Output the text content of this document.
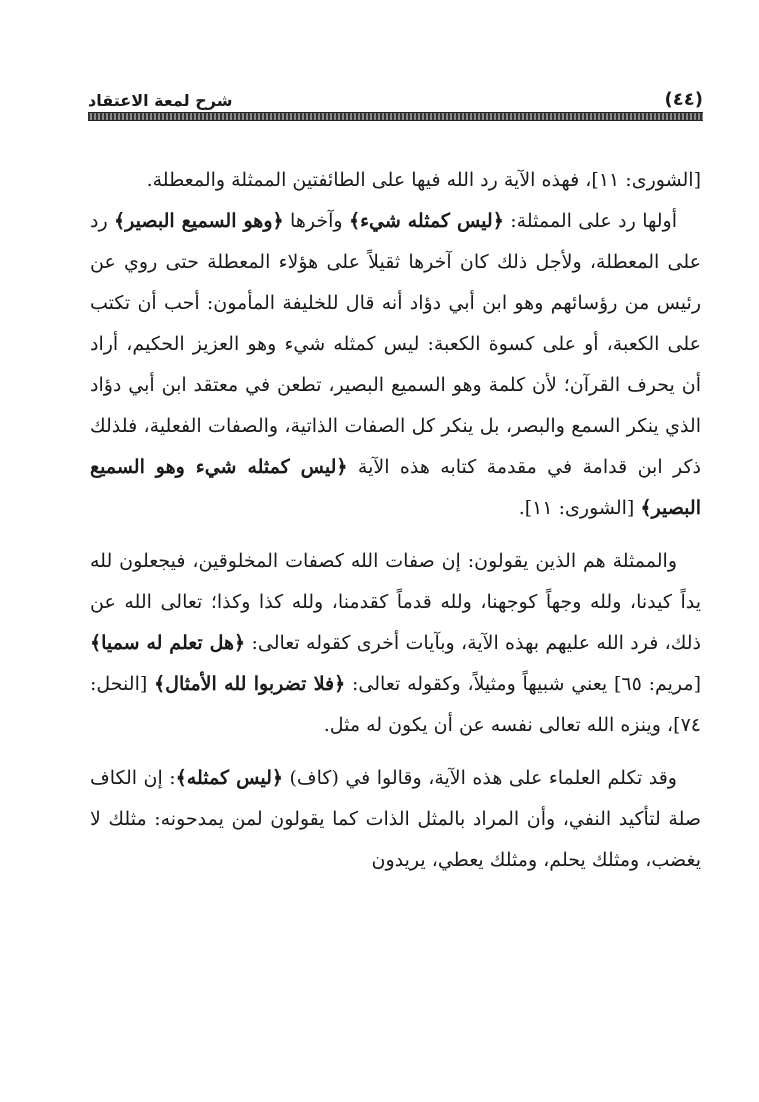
(٤٤)
شرح لمعة الاعتقاد

[الشورى: ١١]، فهذه الآية رد الله فيها على الطائفتين الممثلة والمعطلة.

أولها رد على الممثلة: ﴿ليس كمثله شيء﴾ وآخرها ﴿وهو السميع البصير﴾ رد على المعطلة، ولأجل ذلك كان آخرها ثقيلاً على هؤلاء المعطلة حتى روي عن رئيس من رؤسائهم وهو ابن أبي دؤاد أنه قال للخليفة المأمون: أحب أن تكتب على الكعبة، أو على كسوة الكعبة: ليس كمثله شيء وهو العزيز الحكيم، أراد أن يحرف القرآن؛ لأن كلمة وهو السميع البصير، تطعن في معتقد ابن أبي دؤاد الذي ينكر السمع والبصر، بل ينكر كل الصفات الذاتية، والصفات الفعلية، فلذلك ذكر ابن قدامة في مقدمة كتابه هذه الآية ﴿ليس كمثله شيء وهو السميع البصير﴾ [الشورى: ١١].

والممثلة هم الذين يقولون: إن صفات الله كصفات المخلوقين، فيجعلون لله يداً كيدنا، ولله وجهاً كوجهنا، ولله قدماً كقدمنا، ولله كذا وكذا؛ تعالى الله عن ذلك، فرد الله عليهم بهذه الآية، وبآيات أخرى كقوله تعالى: ﴿هل تعلم له سميا﴾ [مريم: ٦٥] يعني شبيهاً ومثيلاً، وكقوله تعالى: ﴿فلا تضربوا لله الأمثال﴾ [النحل: ٧٤]، وينزه الله تعالى نفسه عن أن يكون له مثل.

وقد تكلم العلماء على هذه الآية، وقالوا في (كاف) ﴿ليس كمثله﴾: إن الكاف صلة لتأكيد النفي، وأن المراد بالمثل الذات كما يقولون لمن يمدحونه: مثلك لا يغضب، ومثلك يحلم، ومثلك يعطي، يريدون
